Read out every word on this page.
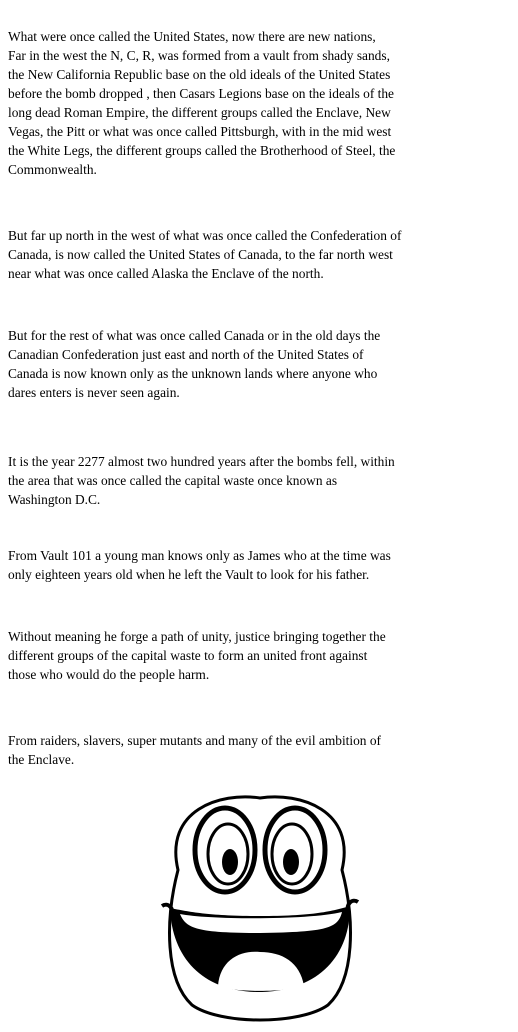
What were once called the United States, now there are new nations,
Far in the west the N, C, R, was formed from a vault from shady sands,
the New California Republic base on the old ideals of the United States
before the bomb dropped , then Casars Legions base on the ideals of the
long dead Roman Empire, the different groups called the Enclave, New
Vegas, the Pitt or what was once called Pittsburgh, with in the mid west
the White Legs, the different groups called the Brotherhood of Steel, the
Commonwealth.

But far up north in the west of what was once called the Confederation of
Canada, is now called the United States of Canada, to the far north west
near what was once called Alaska the Enclave of the north.

But for the rest of what was once called Canada or in the old days the
Canadian Confederation just east and north of the United States of
Canada is now known only as the unknown lands where anyone who
dares enters is never seen again.

It is the year 2277 almost two hundred years after the bombs fell, within
the area that was once called the capital waste once known as
Washington D.C.

From Vault 101 a young man knows only as James who at the time was
only eighteen years old when he left the Vault to look for his father.

Without meaning he forge a path of unity, justice bringing together the
different groups of the capital waste to form an united front against
those who would do the people harm.

From raiders, slavers, super mutants and many of the evil ambition of
the Enclave.
